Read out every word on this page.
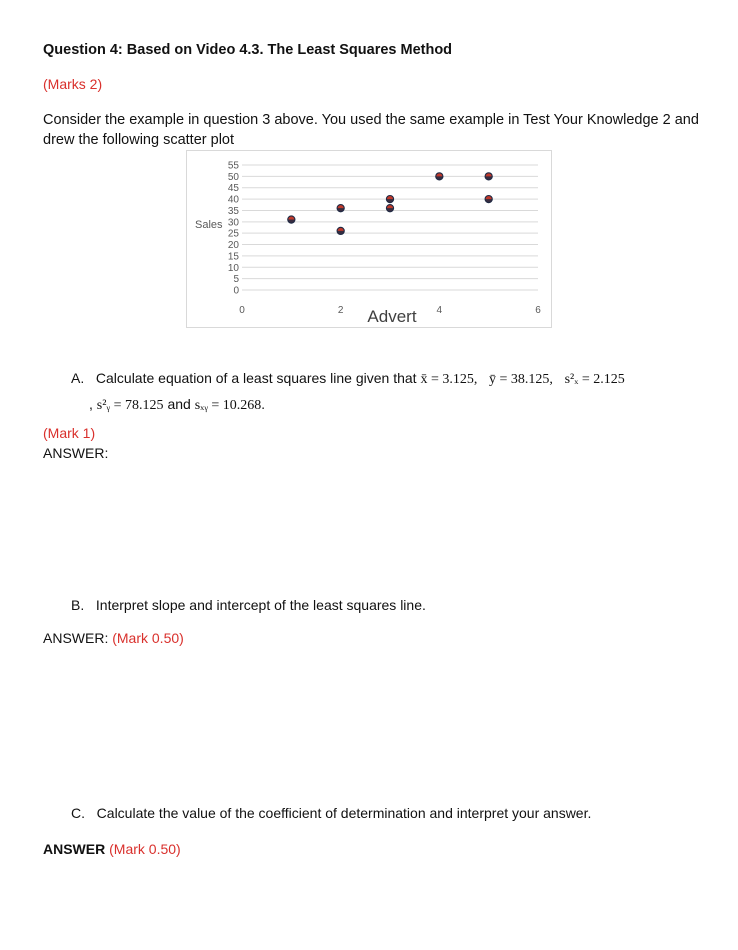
Question 4: Based on Video 4.3. The Least Squares Method
(Marks 2)
Consider the example in question 3 above. You used the same example in Test Your Knowledge 2 and drew the following scatter plot
0
5
10
15
20
25
30
35
40
45
50
55
0	2	4	6
Sales
Advert
A. Calculate equation of a least squares line given that x̄ = 3.125, ȳ = 38.125, s²ₓ = 2.125
, s²ᵧ = 78.125 and sₓᵧ = 10.268.
(Mark 1)
ANSWER:
B. Interpret slope and intercept of the least squares line.
ANSWER: (Mark 0.50)
C. Calculate the value of the coefficient of determination and interpret your answer.
ANSWER (Mark 0.50)
